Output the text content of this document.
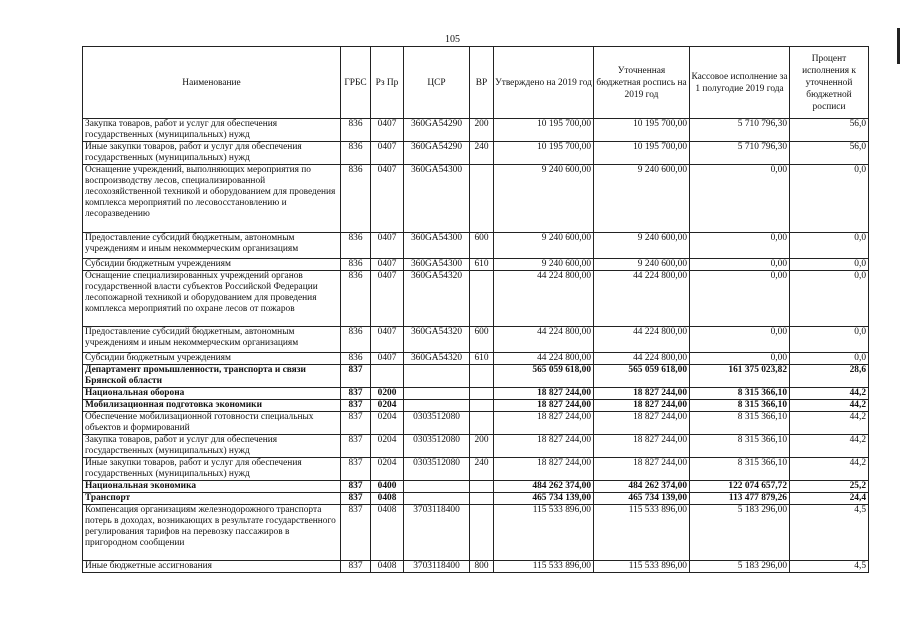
105
Наименование	ГРБС	Рз Пр	ЦСР	ВР	Утверждено на 2019 год	Уточненная бюджетная роспись на 2019 год	Кассовое исполнение за 1 полугодие 2019 года	Процент исполнения к уточненной бюджетной росписи
Закупка товаров, работ и услуг для обеспечения государственных (муниципальных) нужд	836	0407	360GA54290	200	10 195 700,00	10 195 700,00	5 710 796,30	56,0
Иные закупки товаров, работ и услуг для обеспечения государственных (муниципальных) нужд	836	0407	360GA54290	240	10 195 700,00	10 195 700,00	5 710 796,30	56,0
Оснащение учреждений, выполняющих мероприятия по воспроизводству лесов, специализированной лесохозяйственной техникой и оборудованием для проведения комплекса мероприятий по лесовосстановлению и лесоразведению	836	0407	360GA54300		9 240 600,00	9 240 600,00	0,00	0,0
Предоставление субсидий бюджетным, автономным учреждениям и иным некоммерческим организациям	836	0407	360GA54300	600	9 240 600,00	9 240 600,00	0,00	0,0
Субсидии бюджетным учреждениям	836	0407	360GA54300	610	9 240 600,00	9 240 600,00	0,00	0,0
Оснащение специализированных учреждений органов государственной власти субъектов Российской Федерации лесопожарной техникой и оборудованием для проведения комплекса мероприятий по охране лесов от пожаров	836	0407	360GA54320		44 224 800,00	44 224 800,00	0,00	0,0
Предоставление субсидий бюджетным, автономным учреждениям и иным некоммерческим организациям	836	0407	360GA54320	600	44 224 800,00	44 224 800,00	0,00	0,0
Субсидии бюджетным учреждениям	836	0407	360GA54320	610	44 224 800,00	44 224 800,00	0,00	0,0
Департамент промышленности, транспорта и связи Брянской области	837				565 059 618,00	565 059 618,00	161 375 023,82	28,6
Национальная оборона	837	0200			18 827 244,00	18 827 244,00	8 315 366,10	44,2
Мобилизационная подготовка экономики	837	0204			18 827 244,00	18 827 244,00	8 315 366,10	44,2
Обеспечение мобилизационной готовности специальных объектов и формирований	837	0204	0303512080		18 827 244,00	18 827 244,00	8 315 366,10	44,2
Закупка товаров, работ и услуг для обеспечения государственных (муниципальных) нужд	837	0204	0303512080	200	18 827 244,00	18 827 244,00	8 315 366,10	44,2
Иные закупки товаров, работ и услуг для обеспечения государственных (муниципальных) нужд	837	0204	0303512080	240	18 827 244,00	18 827 244,00	8 315 366,10	44,2
Национальная экономика	837	0400			484 262 374,00	484 262 374,00	122 074 657,72	25,2
Транспорт	837	0408			465 734 139,00	465 734 139,00	113 477 879,26	24,4
Компенсация организациям железнодорожного транспорта потерь в доходах, возникающих в результате государственного регулирования тарифов на перевозку пассажиров в пригородном сообщении	837	0408	3703118400		115 533 896,00	115 533 896,00	5 183 296,00	4,5
Иные бюджетные ассигнования	837	0408	3703118400	800	115 533 896,00	115 533 896,00	5 183 296,00	4,5
